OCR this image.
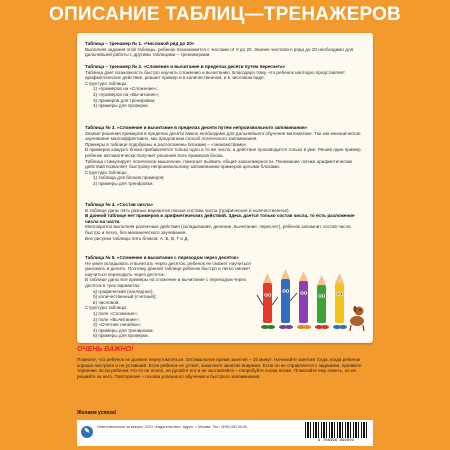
ОПИСАНИЕ ТАБЛИЦ—ТРЕНАЖЕРОВ
Таблица – тренажер № 1. «Числовой ряд до 20»
Выполняя задания этой таблицы, ребенок познакомится с числами от 0 до 20. Знание числового ряда до 20 необходимо для дальнейшей работы с другими таблицами – тренажерами.
Таблица – тренажер № 2. «Сложение и вычитание в пределах десяти путем пересчета»
Таблица дает возможность быстро научить сложению и вычитанию. Благодаря тому, что ребенок наглядно представляет арифметическое действие, решает пример и в количественном, и в числовом виде.
Структура таблицы:
1) «примеров на «Сложение»;
2) «примеров на «Вычитание»;
3) примеров для тренировки;
4) примеры для проверки.
Таблица № 3. «Сложение и вычитание в пределах десяти путем непроизвольного запоминания»
Знание решения примеров в пределах десяти важно необходимо для дальнейшего обучения математике. Так как механическое заучивание малоэффективно, мы предлагаем способ логического запоминания.
Примеры в таблице подобраны и расположены блоками – «знакомствами».
В примерах каждого блока прибавляется только одно и то же число, а действие производится только в уме. Решив один пример, ребенок автоматически получает решения всех примеров блока.
Таблица стимулирует логическое мышление, помогает выявить общие закономерности. Понимание логики арифметических действий позволяет быстрому непроизвольному запоминанию примеров целыми блоками.
Структура таблицы:
1) таблица для блоков примеров;
2) примеры для тренировки.
Таблица № 4. «Состав числа»
В таблице даны пять разных вариантов показа состава числа (графическое и количественное).
В данной таблице нет примеров и арифметических действий. Здесь дается только состав числа, то есть разложение числа на части.
Многократно выполняя различные действия (складывание, деление, вычитание, пересчет), ребенок запомнит состав числа быстро и легко, без механического заучивания.
Все рисунки таблицы пять блоков: А, Б, В, Г и Д.
Таблица № 5. «Сложение и вычитание с переходом через десяток»
Не умея складывать и вычитать через десяток, ребенок не сможет научиться умножать и делить. Поэтому данной таблице ребенок быстро и легко сможет научиться переходить через десяток.
В таблице даны все примеры на сложение и вычитание с переходом через десяток в трех вариантах:
а) графический (наглядное);
б) количественный (счетный);
в) числовой.
Структура таблицы:
1) поле «Сложение»;
2) поле «Вычитание»;
3) «Счетная линейка»;
4) примеры для тренировки;
5) примеры для проверки.
ОЧЕНЬ ВАЖНО!
Помните, что ребенок не должен переутомляться. Оптимальное время занятия – 15 минут. Начинайте занятия тогда, когда ребенок хорошо настроен и не уставший. Если ребенок не устает, закончите занятие вовремя. Если он не справляется с заданием, проявите терпение. Если ребенок что-то не понял, не ругайте его и не заставляйте – попробуйте снова позже. Помогайте ему понять, но не решайте за него. Повторение – основа успешного обучения и быстрого запоминания.
Желаем успеха!
✎
Ответственность за выпуск: ООО «Издательство». Адрес: г. Москва. Тел.: (495) 000-00-00.
9 785999 999001
